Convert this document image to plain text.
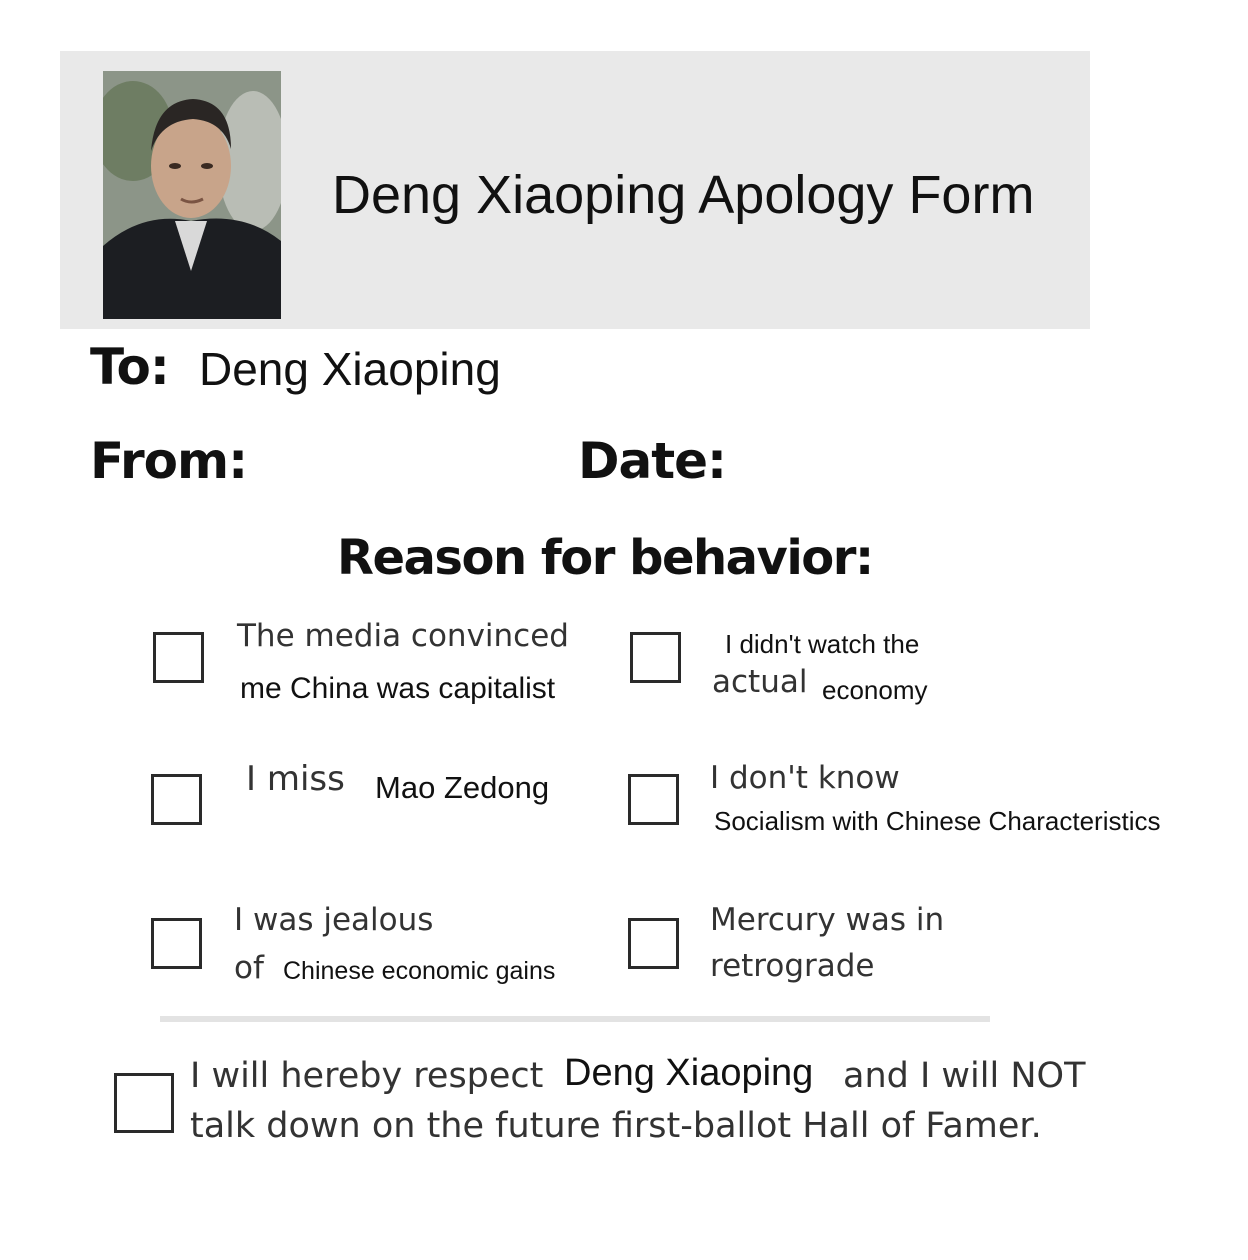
Deng Xiaoping Apology Form
To: Deng Xiaoping
From:	Date:
Reason for behavior:
The media convinced
me China was capitalist
I didn't watch the
actual economy
I miss Mao Zedong	I don't know
Socialism with Chinese Characteristics
I was jealous
of Chinese economic gains
Mercury was in
retrograde
I will hereby respect Deng Xiaoping and I will NOT
talk down on the future first-ballot Hall of Famer.
